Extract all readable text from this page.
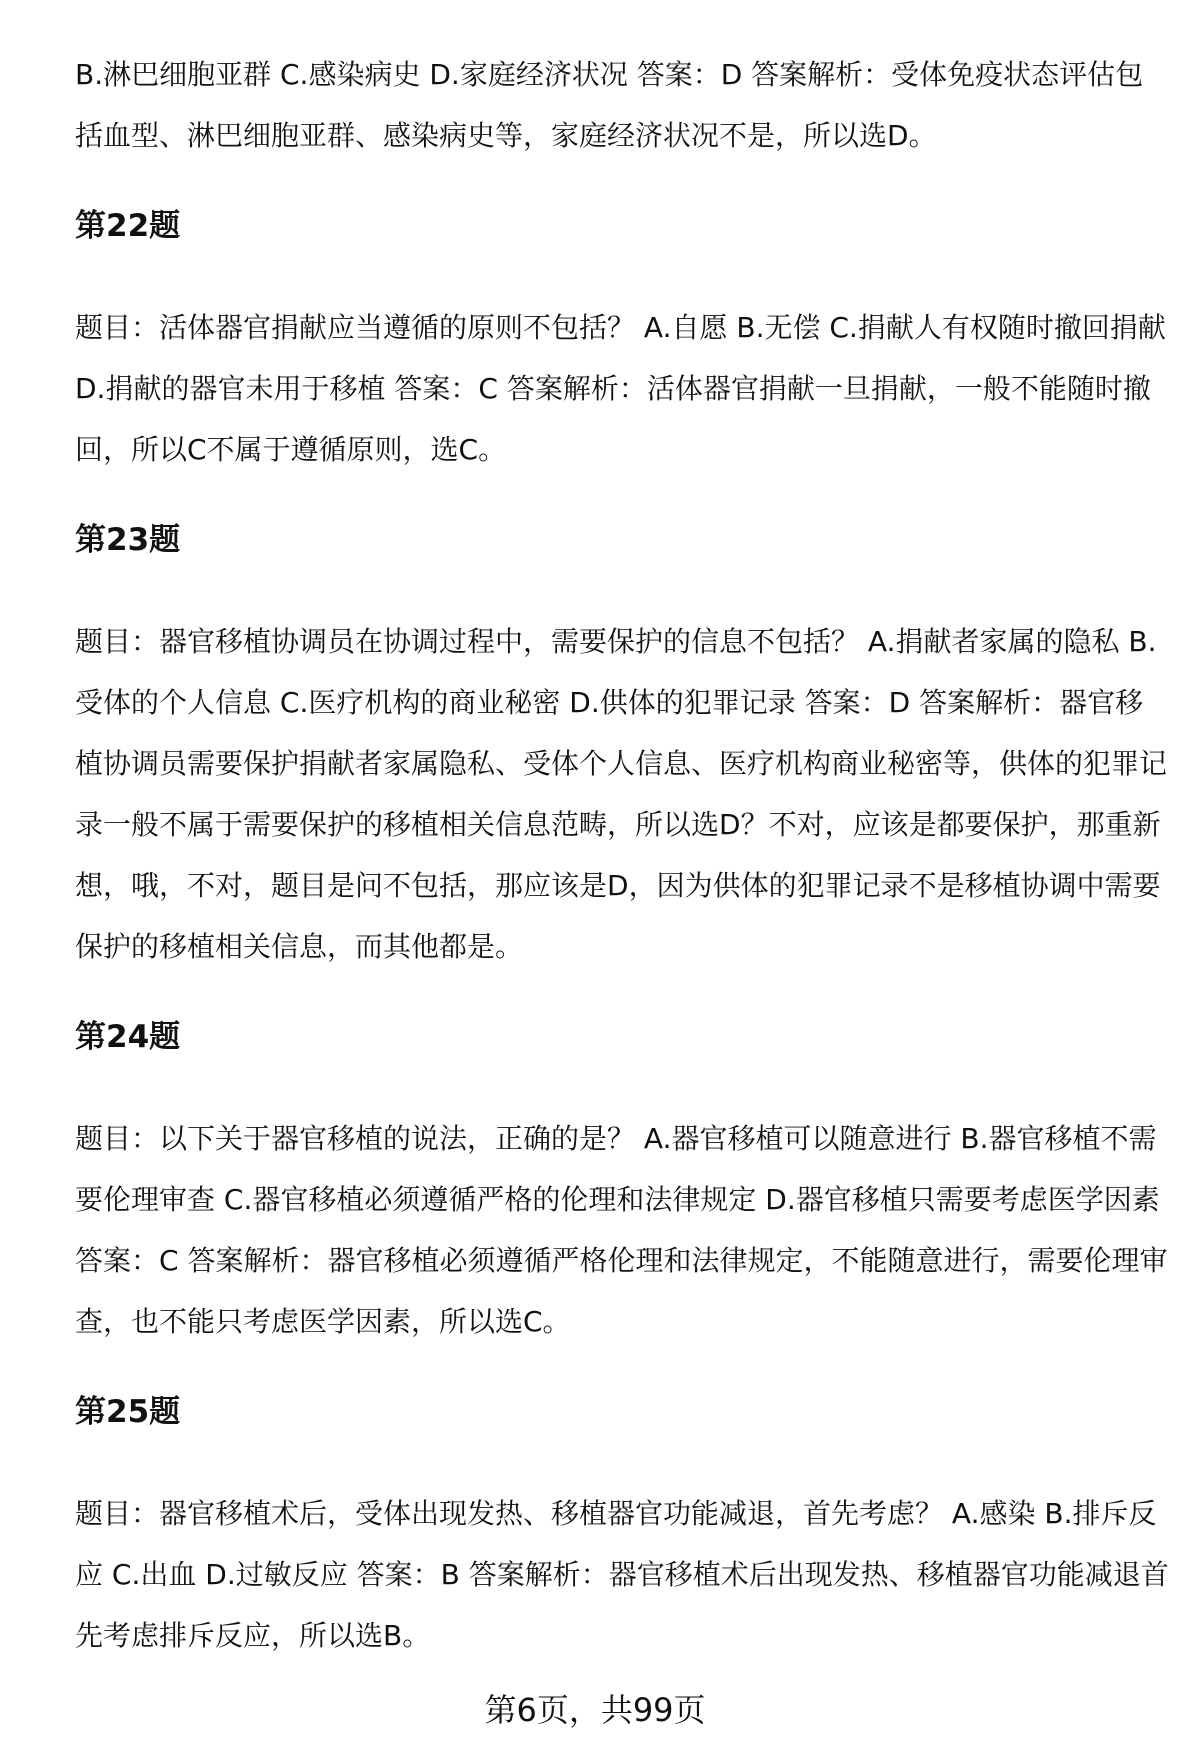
B.淋巴细胞亚群 C.感染病史 D.家庭经济状况 答案：D 答案解析：受体免疫状态评估包括血型、淋巴细胞亚群、感染病史等，家庭经济状况不是，所以选D。

第22题

题目：活体器官捐献应当遵循的原则不包括？ A.自愿 B.无偿 C.捐献人有权随时撤回捐献 D.捐献的器官未用于移植 答案：C 答案解析：活体器官捐献一旦捐献，一般不能随时撤回，所以C不属于遵循原则，选C。

第23题

题目：器官移植协调员在协调过程中，需要保护的信息不包括？ A.捐献者家属的隐私 B.受体的个人信息 C.医疗机构的商业秘密 D.供体的犯罪记录 答案：D 答案解析：器官移植协调员需要保护捐献者家属隐私、受体个人信息、医疗机构商业秘密等，供体的犯罪记录一般不属于需要保护的移植相关信息范畴，所以选D？不对，应该是都要保护，那重新想，哦，不对，题目是问不包括，那应该是D，因为供体的犯罪记录不是移植协调中需要保护的移植相关信息，而其他都是。

第24题

题目：以下关于器官移植的说法，正确的是？ A.器官移植可以随意进行 B.器官移植不需要伦理审查 C.器官移植必须遵循严格的伦理和法律规定 D.器官移植只需要考虑医学因素 答案：C 答案解析：器官移植必须遵循严格伦理和法律规定，不能随意进行，需要伦理审查，也不能只考虑医学因素，所以选C。

第25题

题目：器官移植术后，受体出现发热、移植器官功能减退，首先考虑？ A.感染 B.排斥反应 C.出血 D.过敏反应 答案：B 答案解析：器官移植术后出现发热、移植器官功能减退首先考虑排斥反应，所以选B。

第6页，共99页
